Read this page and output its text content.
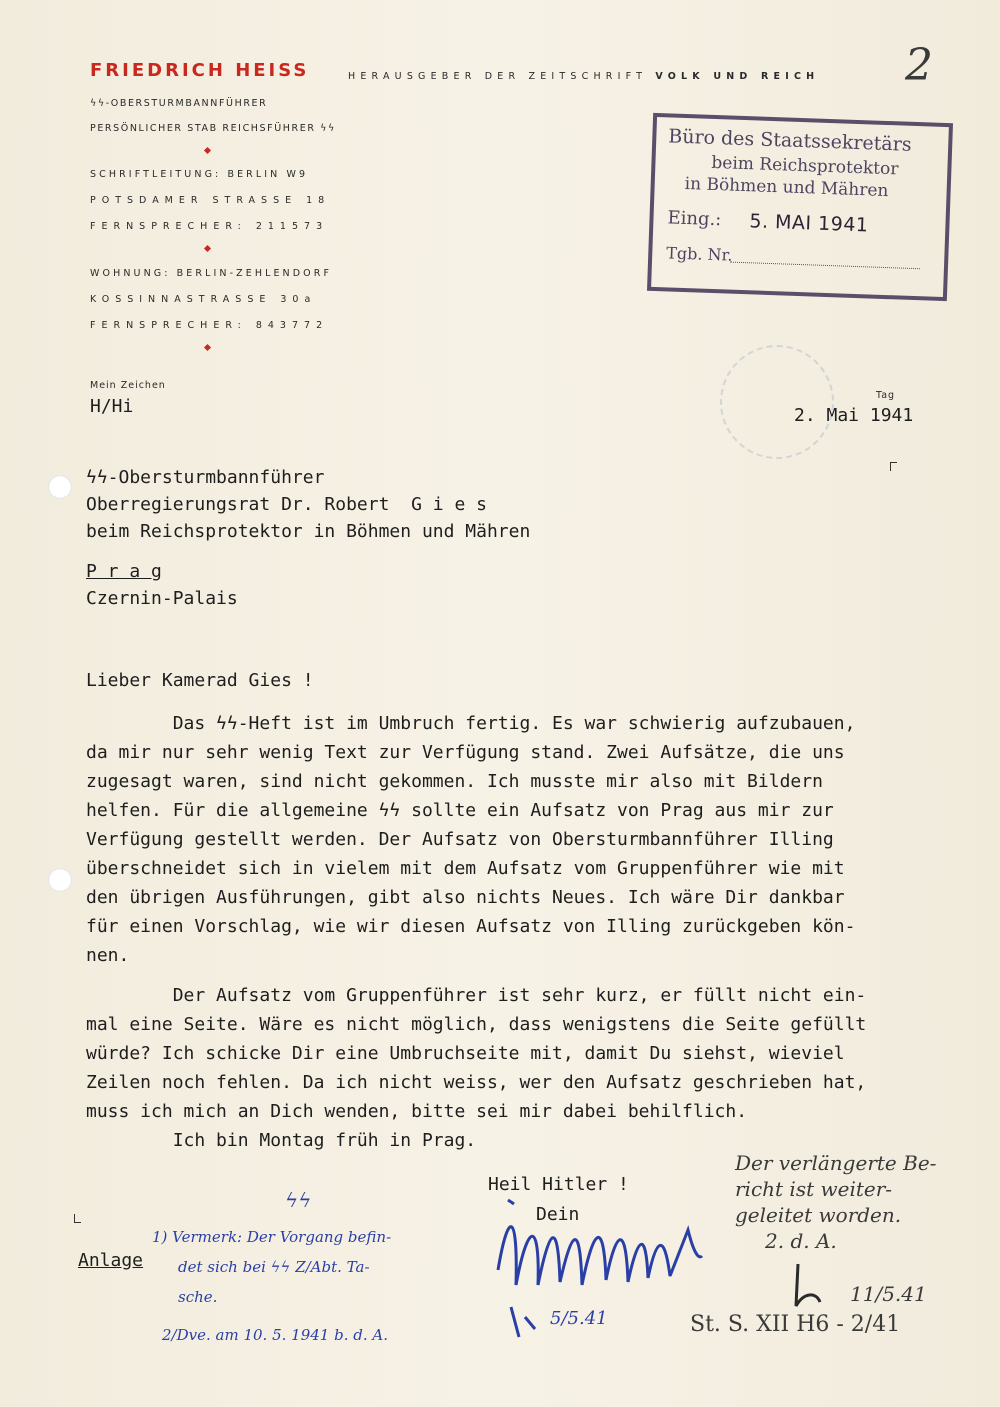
FRIEDRICH HEISS	HERAUSGEBER DER ZEITSCHRIFT VOLK UND REICH
ϟϟ-OBERSTURMBANNFÜHRER
PERSÖNLICHER STAB REICHSFÜHRER ϟϟ
SCHRIFTLEITUNG: BERLIN W9
POTSDAMER STRASSE 18
FERNSPRECHER: 211573
WOHNUNG: BERLIN-ZEHLENDORF
KOSSINNASTRASSE 30a
FERNSPRECHER: 843772
2
Büro des Staatssekretärs
beim Reichsprotektor
in Böhmen und Mähren
Eing.: 5. MAI 1941
Tgb. Nr.
Mein Zeichen
H/Hi
Tag
2. Mai 1941
ϟϟ-Obersturmbannführer
Oberregierungsrat Dr. Robert  G i e s
beim Reichsprotektor in Böhmen und Mähren
P r a g
Czernin-Palais
Lieber Kamerad Gies !
Das ϟϟ-Heft ist im Umbruch fertig. Es war schwierig aufzubauen,
da mir nur sehr wenig Text zur Verfügung stand. Zwei Aufsätze, die uns
zugesagt waren, sind nicht gekommen. Ich musste mir also mit Bildern
helfen. Für die allgemeine ϟϟ sollte ein Aufsatz von Prag aus mir zur
Verfügung gestellt werden. Der Aufsatz von Obersturmbannführer Illing
überschneidet sich in vielem mit dem Aufsatz vom Gruppenführer wie mit
den übrigen Ausführungen, gibt also nichts Neues. Ich wäre Dir dankbar
für einen Vorschlag, wie wir diesen Aufsatz von Illing zurückgeben kön-
nen.
Der Aufsatz vom Gruppenführer ist sehr kurz, er füllt nicht ein-
mal eine Seite. Wäre es nicht möglich, dass wenigstens die Seite gefüllt
würde? Ich schicke Dir eine Umbruchseite mit, damit Du siehst, wieviel
Zeilen noch fehlen. Da ich nicht weiss, wer den Aufsatz geschrieben hat,
muss ich mich an Dich wenden, bitte sei mir dabei behilflich.
Ich bin Montag früh in Prag.
Heil Hitler !
Dein
Anlage
Der verlängerte Be-
richt ist weiter-
geleitet worden.
2. d. A.
11/5.41
1) Vermerk: Der Vorgang befin-
det sich bei ϟϟ Z/Abt. Ta-
sche.
2/Dve. am 10. 5. 1941 b. d. A.
5/5.41
ϟϟ
St. S. XII H6 - 2/41
